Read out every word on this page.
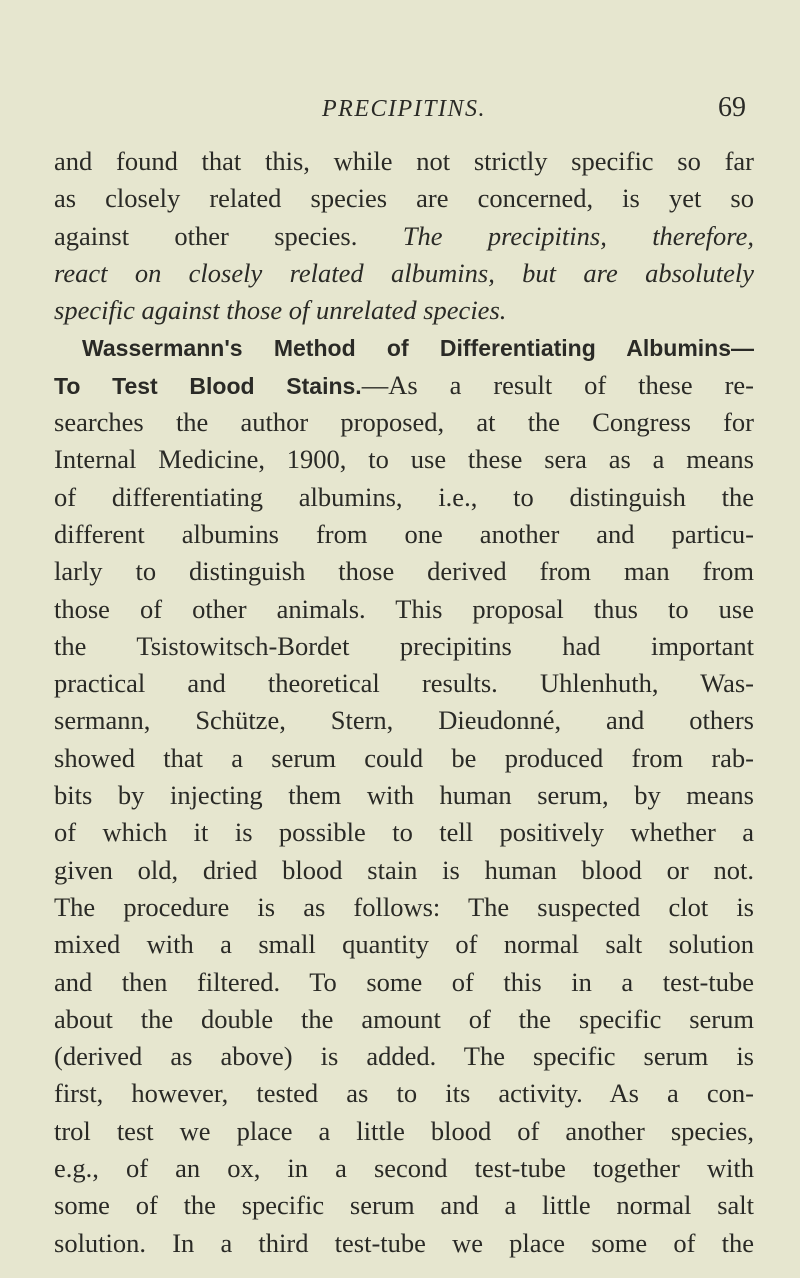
PRECIPITINS.	69
and found that this, while not strictly specific so far
as closely related species are concerned, is yet so
against other species. The precipitins, therefore,
react on closely related albumins, but are absolutely
specific against those of unrelated species.
Wassermann's Method of Differentiating Albumins—
To Test Blood Stains.—As a result of these re-
searches the author proposed, at the Congress for
Internal Medicine, 1900, to use these sera as a means
of differentiating albumins, i.e., to distinguish the
different albumins from one another and particu-
larly to distinguish those derived from man from
those of other animals. This proposal thus to use
the Tsistowitsch-Bordet precipitins had important
practical and theoretical results. Uhlenhuth, Was-
sermann, Schütze, Stern, Dieudonné, and others
showed that a serum could be produced from rab-
bits by injecting them with human serum, by means
of which it is possible to tell positively whether a
given old, dried blood stain is human blood or not.
The procedure is as follows: The suspected clot is
mixed with a small quantity of normal salt solution
and then filtered. To some of this in a test-tube
about the double the amount of the specific serum
(derived as above) is added. The specific serum is
first, however, tested as to its activity. As a con-
trol test we place a little blood of another species,
e.g., of an ox, in a second test-tube together with
some of the specific serum and a little normal salt
solution. In a third test-tube we place some of the
